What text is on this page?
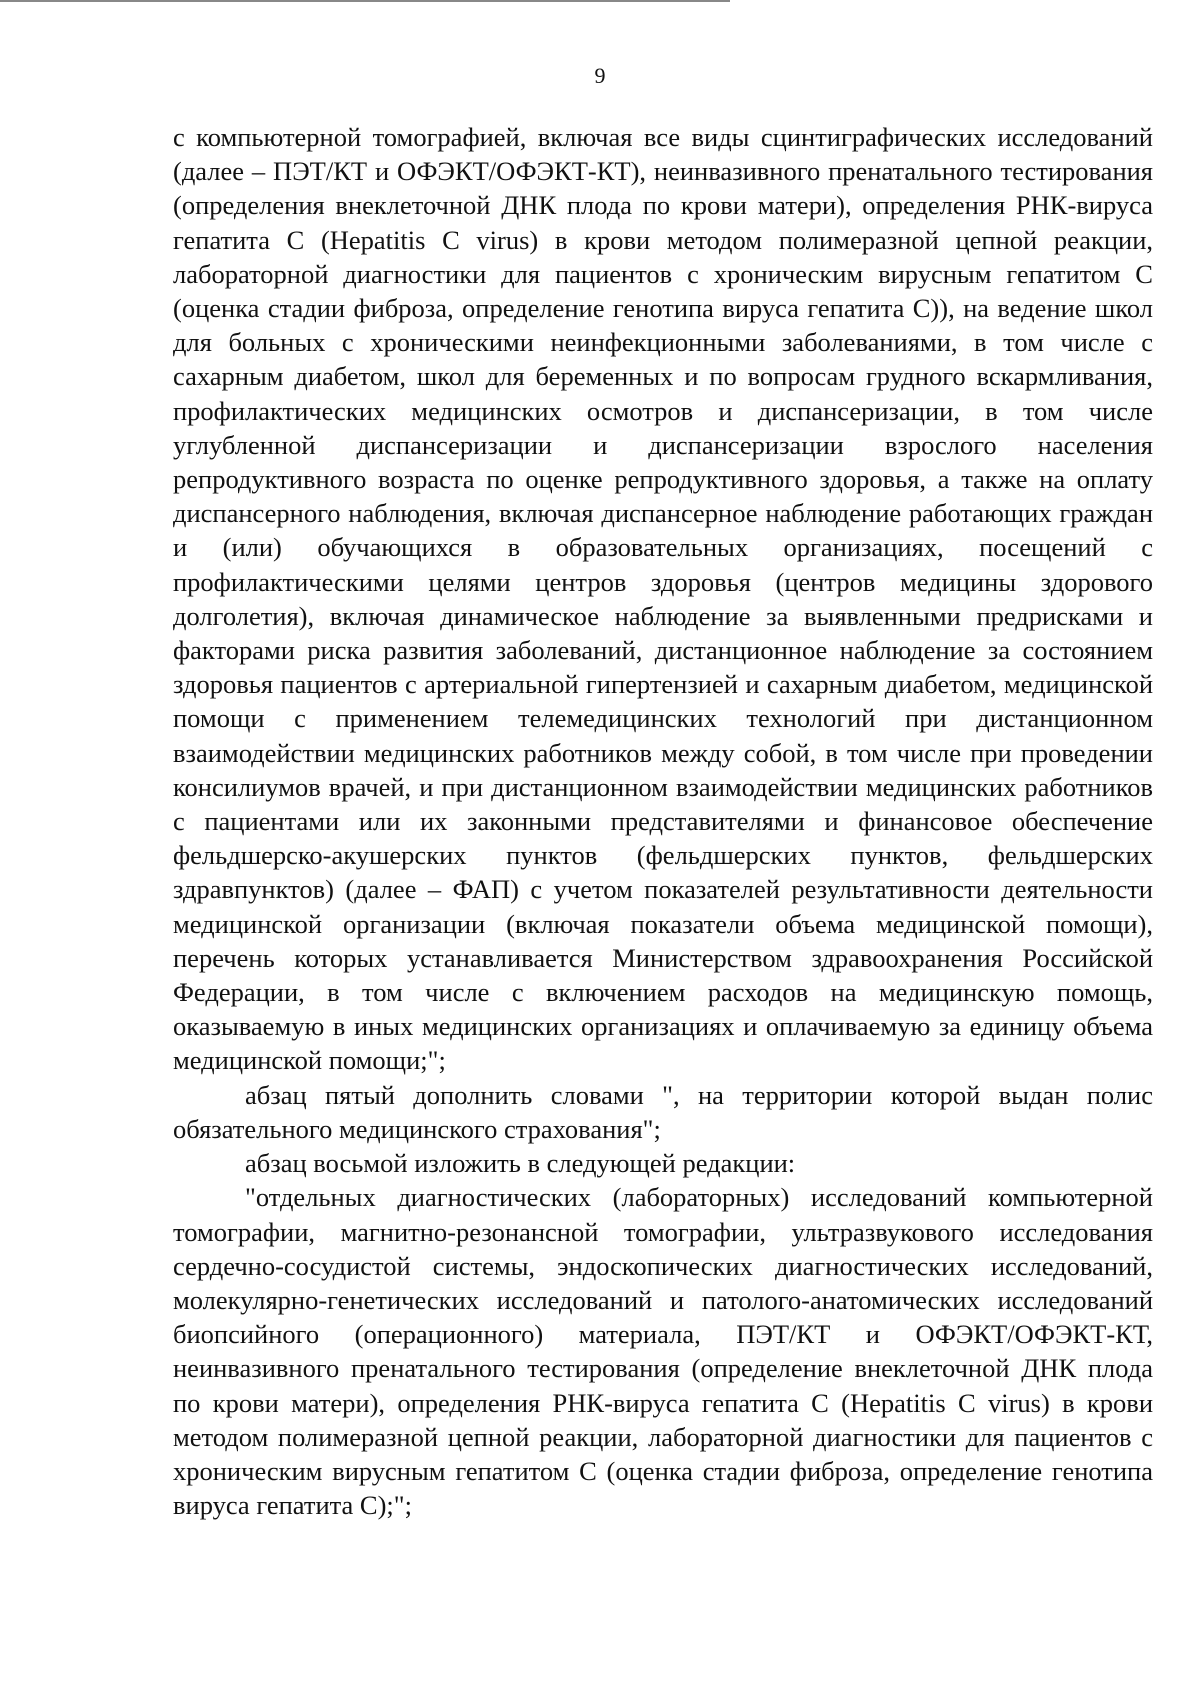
9

с компьютерной томографией, включая все виды сцинтиграфических исследований (далее – ПЭТ/КТ и ОФЭКТ/ОФЭКТ-КТ), неинвазивного пренатального тестирования (определения внеклеточной ДНК плода по крови матери), определения РНК-вируса гепатита С (Hepatitis C virus) в крови методом полимеразной цепной реакции, лабораторной диагностики для пациентов с хроническим вирусным гепатитом С (оценка стадии фиброза, определение генотипа вируса гепатита С)), на ведение школ для больных с хроническими неинфекционными заболеваниями, в том числе с сахарным диабетом, школ для беременных и по вопросам грудного вскармливания, профилактических медицинских осмотров и диспансеризации, в том числе углубленной диспансеризации и диспансеризации взрослого населения репродуктивного возраста по оценке репродуктивного здоровья, а также на оплату диспансерного наблюдения, включая диспансерное наблюдение работающих граждан и (или) обучающихся в образовательных организациях, посещений с профилактическими целями центров здоровья (центров медицины здорового долголетия), включая динамическое наблюдение за выявленными предрисками и факторами риска развития заболеваний, дистанционное наблюдение за состоянием здоровья пациентов с артериальной гипертензией и сахарным диабетом, медицинской помощи с применением телемедицинских технологий при дистанционном взаимодействии медицинских работников между собой, в том числе при проведении консилиумов врачей, и при дистанционном взаимодействии медицинских работников с пациентами или их законными представителями и финансовое обеспечение фельдшерско-акушерских пунктов (фельдшерских пунктов, фельдшерских здравпунктов) (далее – ФАП) с учетом показателей результативности деятельности медицинской организации (включая показатели объема медицинской помощи), перечень которых устанавливается Министерством здравоохранения Российской Федерации, в том числе с включением расходов на медицинскую помощь, оказываемую в иных медицинских организациях и оплачиваемую за единицу объема медицинской помощи;";

абзац пятый дополнить словами ", на территории которой выдан полис обязательного медицинского страхования";

абзац восьмой изложить в следующей редакции:

"отдельных диагностических (лабораторных) исследований компьютерной томографии, магнитно-резонансной томографии, ультразвукового исследования сердечно-сосудистой системы, эндоскопических диагностических исследований, молекулярно-генетических исследований и патолого-анатомических исследований биопсийного (операционного) материала, ПЭТ/КТ и ОФЭКТ/ОФЭКТ-КТ, неинвазивного пренатального тестирования (определение внеклеточной ДНК плода по крови матери), определения РНК-вируса гепатита С (Hepatitis C virus) в крови методом полимеразной цепной реакции, лабораторной диагностики для пациентов с хроническим вирусным гепатитом С (оценка стадии фиброза, определение генотипа вируса гепатита С);";
